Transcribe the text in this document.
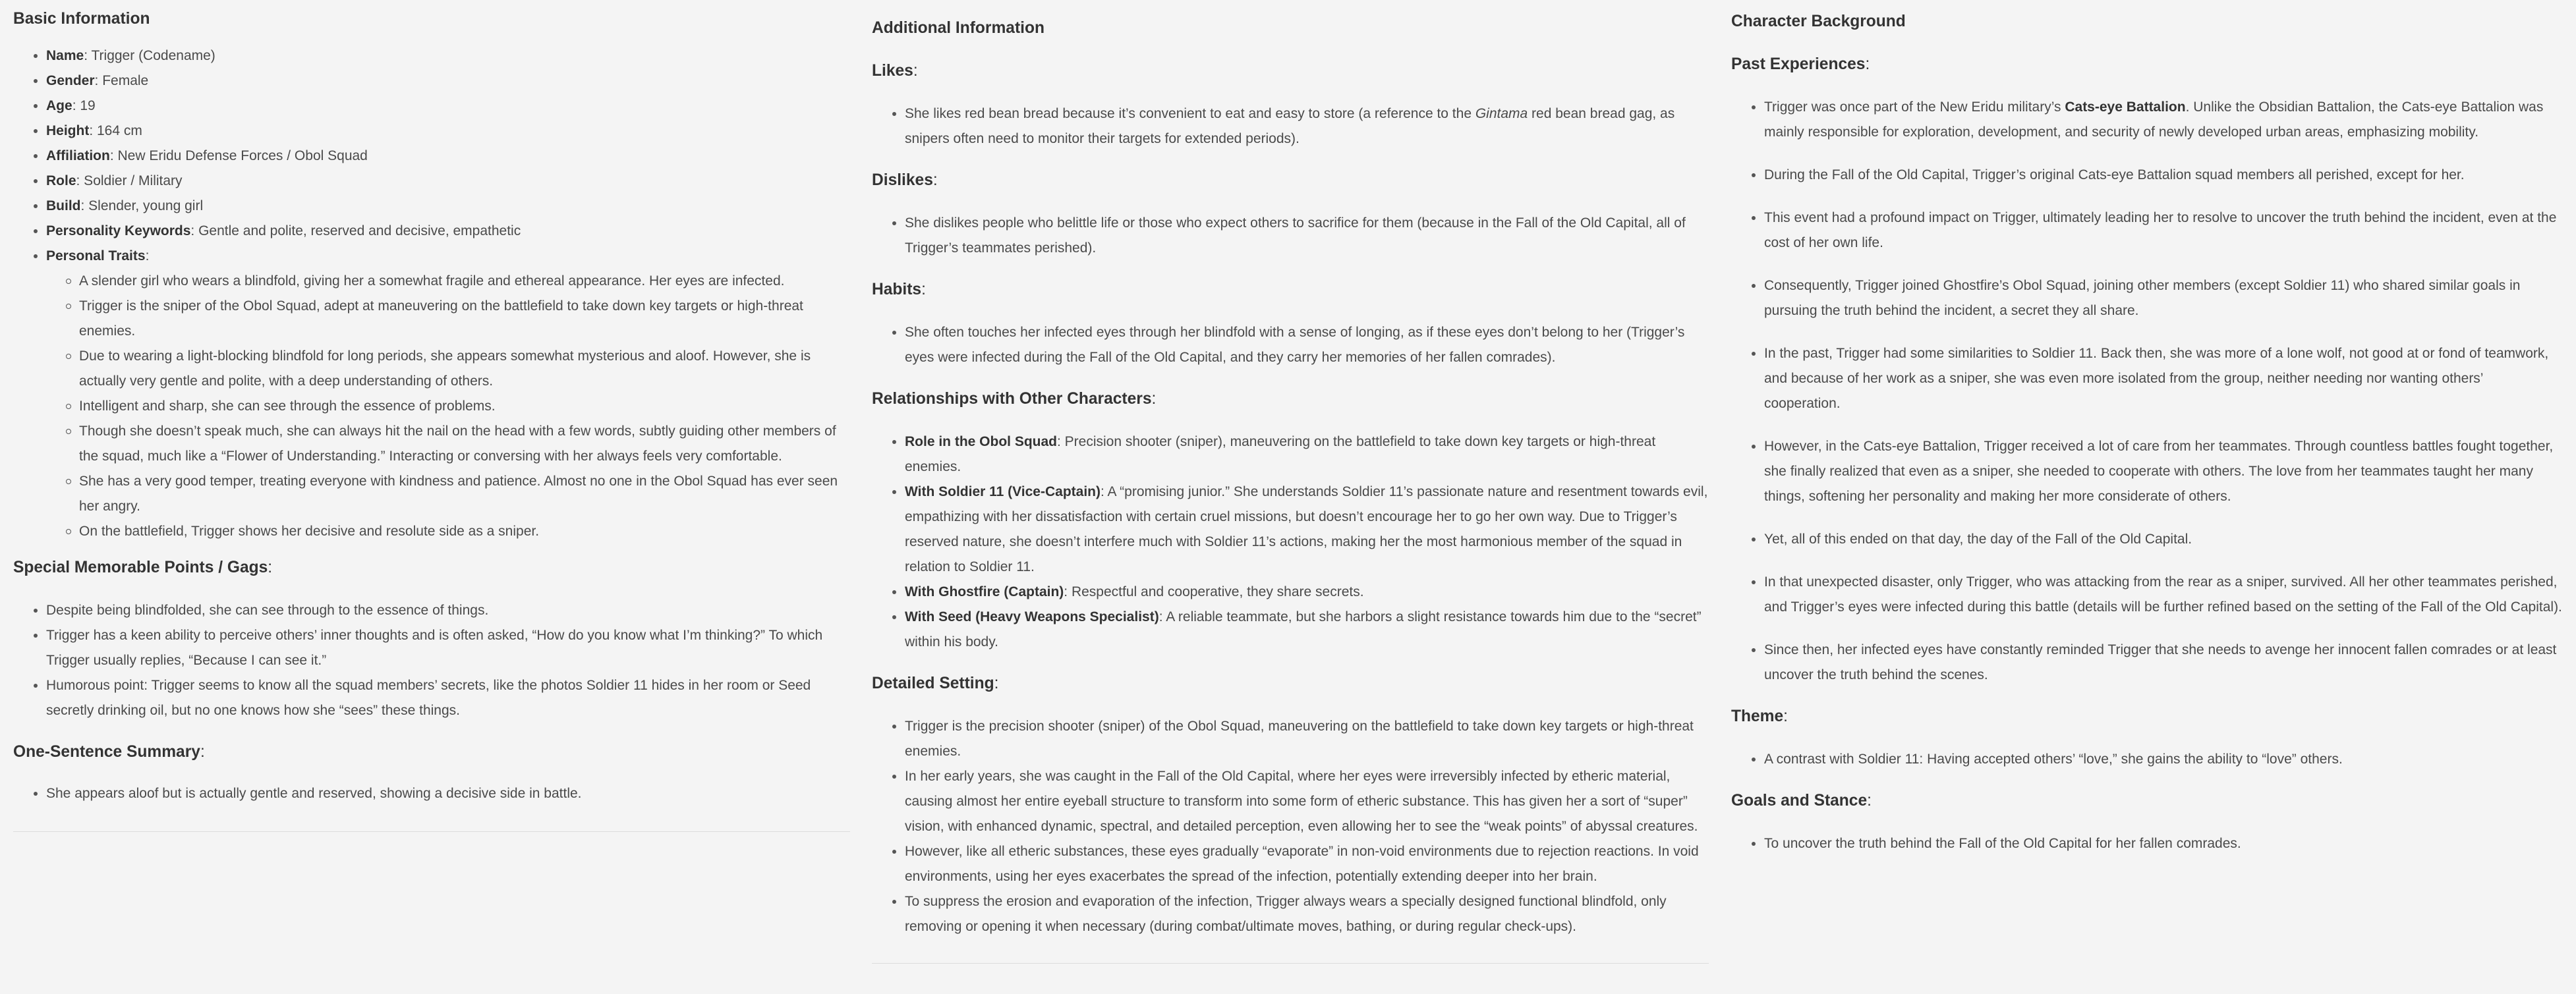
Basic Information
Name: Trigger (Codename)
Gender: Female
Age: 19
Height: 164 cm
Affiliation: New Eridu Defense Forces / Obol Squad
Role: Soldier / Military
Build: Slender, young girl
Personality Keywords: Gentle and polite, reserved and decisive, empathetic
Personal Traits:
A slender girl who wears a blindfold, giving her a somewhat fragile and ethereal appearance. Her eyes are infected.
Trigger is the sniper of the Obol Squad, adept at maneuvering on the battlefield to take down key targets or high-threat enemies.
Due to wearing a light-blocking blindfold for long periods, she appears somewhat mysterious and aloof. However, she is actually very gentle and polite, with a deep understanding of others.
Intelligent and sharp, she can see through the essence of problems.
Though she doesn’t speak much, she can always hit the nail on the head with a few words, subtly guiding other members of the squad, much like a “Flower of Understanding.” Interacting or conversing with her always feels very comfortable.
She has a very good temper, treating everyone with kindness and patience. Almost no one in the Obol Squad has ever seen her angry.
On the battlefield, Trigger shows her decisive and resolute side as a sniper.
Special Memorable Points / Gags:
Despite being blindfolded, she can see through to the essence of things.
Trigger has a keen ability to perceive others’ inner thoughts and is often asked, “How do you know what I’m thinking?” To which Trigger usually replies, “Because I can see it.”
Humorous point: Trigger seems to know all the squad members’ secrets, like the photos Soldier 11 hides in her room or Seed secretly drinking oil, but no one knows how she “sees” these things.
One-Sentence Summary:
She appears aloof but is actually gentle and reserved, showing a decisive side in battle.
Additional Information
Likes:
She likes red bean bread because it’s convenient to eat and easy to store (a reference to the Gintama red bean bread gag, as snipers often need to monitor their targets for extended periods).
Dislikes:
She dislikes people who belittle life or those who expect others to sacrifice for them (because in the Fall of the Old Capital, all of Trigger’s teammates perished).
Habits:
She often touches her infected eyes through her blindfold with a sense of longing, as if these eyes don’t belong to her (Trigger’s eyes were infected during the Fall of the Old Capital, and they carry her memories of her fallen comrades).
Relationships with Other Characters:
Role in the Obol Squad: Precision shooter (sniper), maneuvering on the battlefield to take down key targets or high-threat enemies.
With Soldier 11 (Vice-Captain): A “promising junior.” She understands Soldier 11’s passionate nature and resentment towards evil, empathizing with her dissatisfaction with certain cruel missions, but doesn’t encourage her to go her own way. Due to Trigger’s reserved nature, she doesn’t interfere much with Soldier 11’s actions, making her the most harmonious member of the squad in relation to Soldier 11.
With Ghostfire (Captain): Respectful and cooperative, they share secrets.
With Seed (Heavy Weapons Specialist): A reliable teammate, but she harbors a slight resistance towards him due to the “secret” within his body.
Detailed Setting:
Trigger is the precision shooter (sniper) of the Obol Squad, maneuvering on the battlefield to take down key targets or high-threat enemies.
In her early years, she was caught in the Fall of the Old Capital, where her eyes were irreversibly infected by etheric material, causing almost her entire eyeball structure to transform into some form of etheric substance. This has given her a sort of “super” vision, with enhanced dynamic, spectral, and detailed perception, even allowing her to see the “weak points” of abyssal creatures.
However, like all etheric substances, these eyes gradually “evaporate” in non-void environments due to rejection reactions. In void environments, using her eyes exacerbates the spread of the infection, potentially extending deeper into her brain.
To suppress the erosion and evaporation of the infection, Trigger always wears a specially designed functional blindfold, only removing or opening it when necessary (during combat/ultimate moves, bathing, or during regular check-ups).
Character Background
Past Experiences:
Trigger was once part of the New Eridu military’s Cats-eye Battalion. Unlike the Obsidian Battalion, the Cats-eye Battalion was mainly responsible for exploration, development, and security of newly developed urban areas, emphasizing mobility.
During the Fall of the Old Capital, Trigger’s original Cats-eye Battalion squad members all perished, except for her.
This event had a profound impact on Trigger, ultimately leading her to resolve to uncover the truth behind the incident, even at the cost of her own life.
Consequently, Trigger joined Ghostfire’s Obol Squad, joining other members (except Soldier 11) who shared similar goals in pursuing the truth behind the incident, a secret they all share.
In the past, Trigger had some similarities to Soldier 11. Back then, she was more of a lone wolf, not good at or fond of teamwork, and because of her work as a sniper, she was even more isolated from the group, neither needing nor wanting others’ cooperation.
However, in the Cats-eye Battalion, Trigger received a lot of care from her teammates. Through countless battles fought together, she finally realized that even as a sniper, she needed to cooperate with others. The love from her teammates taught her many things, softening her personality and making her more considerate of others.
Yet, all of this ended on that day, the day of the Fall of the Old Capital.
In that unexpected disaster, only Trigger, who was attacking from the rear as a sniper, survived. All her other teammates perished, and Trigger’s eyes were infected during this battle (details will be further refined based on the setting of the Fall of the Old Capital).
Since then, her infected eyes have constantly reminded Trigger that she needs to avenge her innocent fallen comrades or at least uncover the truth behind the scenes.
Theme:
A contrast with Soldier 11: Having accepted others’ “love,” she gains the ability to “love” others.
Goals and Stance:
To uncover the truth behind the Fall of the Old Capital for her fallen comrades.
